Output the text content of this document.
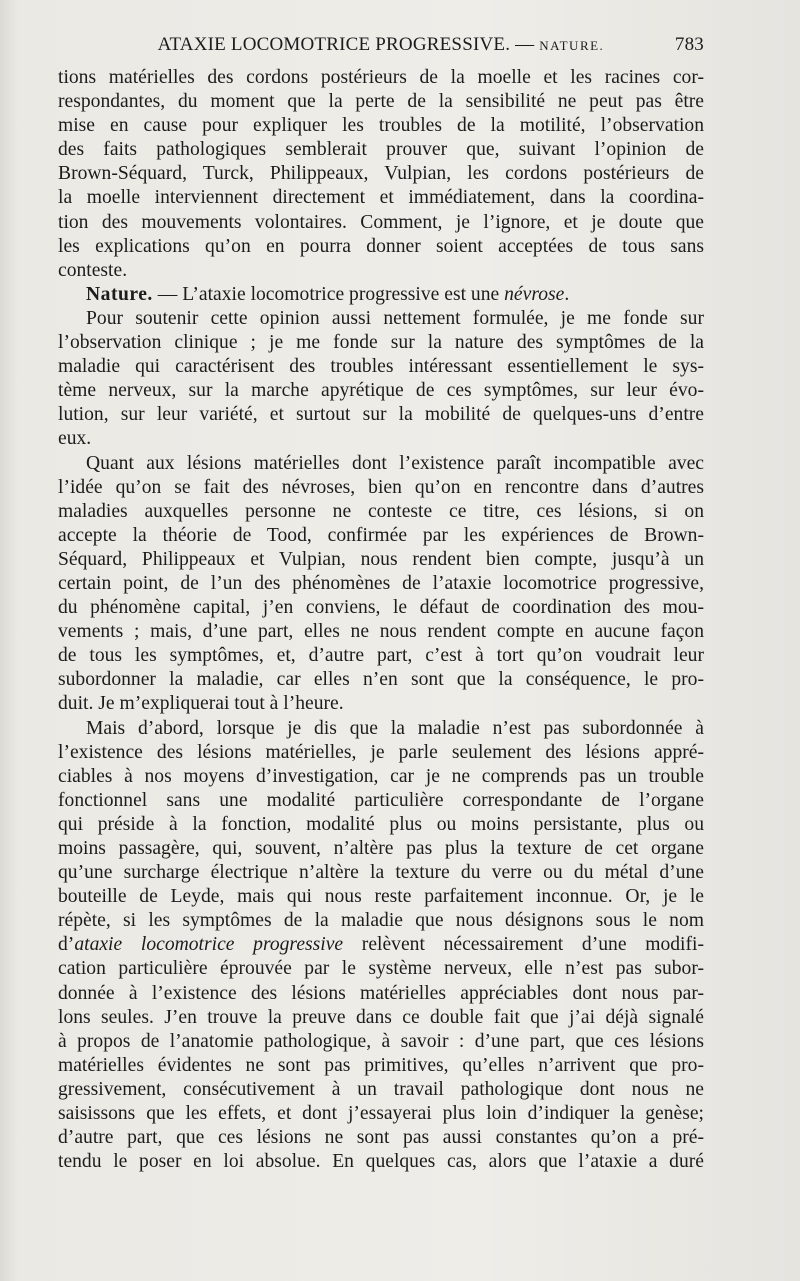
ATAXIE LOCOMOTRICE PROGRESSIVE. — NATURE.	783
tions matérielles des cordons postérieurs de la moelle et les racines cor-
respondantes, du moment que la perte de la sensibilité ne peut pas être
mise en cause pour expliquer les troubles de la motilité, l’observation
des faits pathologiques semblerait prouver que, suivant l’opinion de
Brown-Séquard, Turck, Philippeaux, Vulpian, les cordons postérieurs de
la moelle interviennent directement et immédiatement, dans la coordina-
tion des mouvements volontaires. Comment, je l’ignore, et je doute que
les explications qu’on en pourra donner soient acceptées de tous sans
conteste.
Nature. — L’ataxie locomotrice progressive est une névrose.
Pour soutenir cette opinion aussi nettement formulée, je me fonde sur
l’observation clinique ; je me fonde sur la nature des symptômes de la
maladie qui caractérisent des troubles intéressant essentiellement le sys-
tème nerveux, sur la marche apyrétique de ces symptômes, sur leur évo-
lution, sur leur variété, et surtout sur la mobilité de quelques-uns d’entre
eux.
Quant aux lésions matérielles dont l’existence paraît incompatible avec
l’idée qu’on se fait des névroses, bien qu’on en rencontre dans d’autres
maladies auxquelles personne ne conteste ce titre, ces lésions, si on
accepte la théorie de Tood, confirmée par les expériences de Brown-
Séquard, Philippeaux et Vulpian, nous rendent bien compte, jusqu’à un
certain point, de l’un des phénomènes de l’ataxie locomotrice progressive,
du phénomène capital, j’en conviens, le défaut de coordination des mou-
vements ; mais, d’une part, elles ne nous rendent compte en aucune façon
de tous les symptômes, et, d’autre part, c’est à tort qu’on voudrait leur
subordonner la maladie, car elles n’en sont que la conséquence, le pro-
duit. Je m’expliquerai tout à l’heure.
Mais d’abord, lorsque je dis que la maladie n’est pas subordonnée à
l’existence des lésions matérielles, je parle seulement des lésions appré-
ciables à nos moyens d’investigation, car je ne comprends pas un trouble
fonctionnel sans une modalité particulière correspondante de l’organe
qui préside à la fonction, modalité plus ou moins persistante, plus ou
moins passagère, qui, souvent, n’altère pas plus la texture de cet organe
qu’une surcharge électrique n’altère la texture du verre ou du métal d’une
bouteille de Leyde, mais qui nous reste parfaitement inconnue. Or, je le
répète, si les symptômes de la maladie que nous désignons sous le nom
d’ataxie locomotrice progressive relèvent nécessairement d’une modifi-
cation particulière éprouvée par le système nerveux, elle n’est pas subor-
donnée à l’existence des lésions matérielles appréciables dont nous par-
lons seules. J’en trouve la preuve dans ce double fait que j’ai déjà signalé
à propos de l’anatomie pathologique, à savoir : d’une part, que ces lésions
matérielles évidentes ne sont pas primitives, qu’elles n’arrivent que pro-
gressivement, consécutivement à un travail pathologique dont nous ne
saisissons que les effets, et dont j’essayerai plus loin d’indiquer la genèse;
d’autre part, que ces lésions ne sont pas aussi constantes qu’on a pré-
tendu le poser en loi absolue. En quelques cas, alors que l’ataxie a duré
